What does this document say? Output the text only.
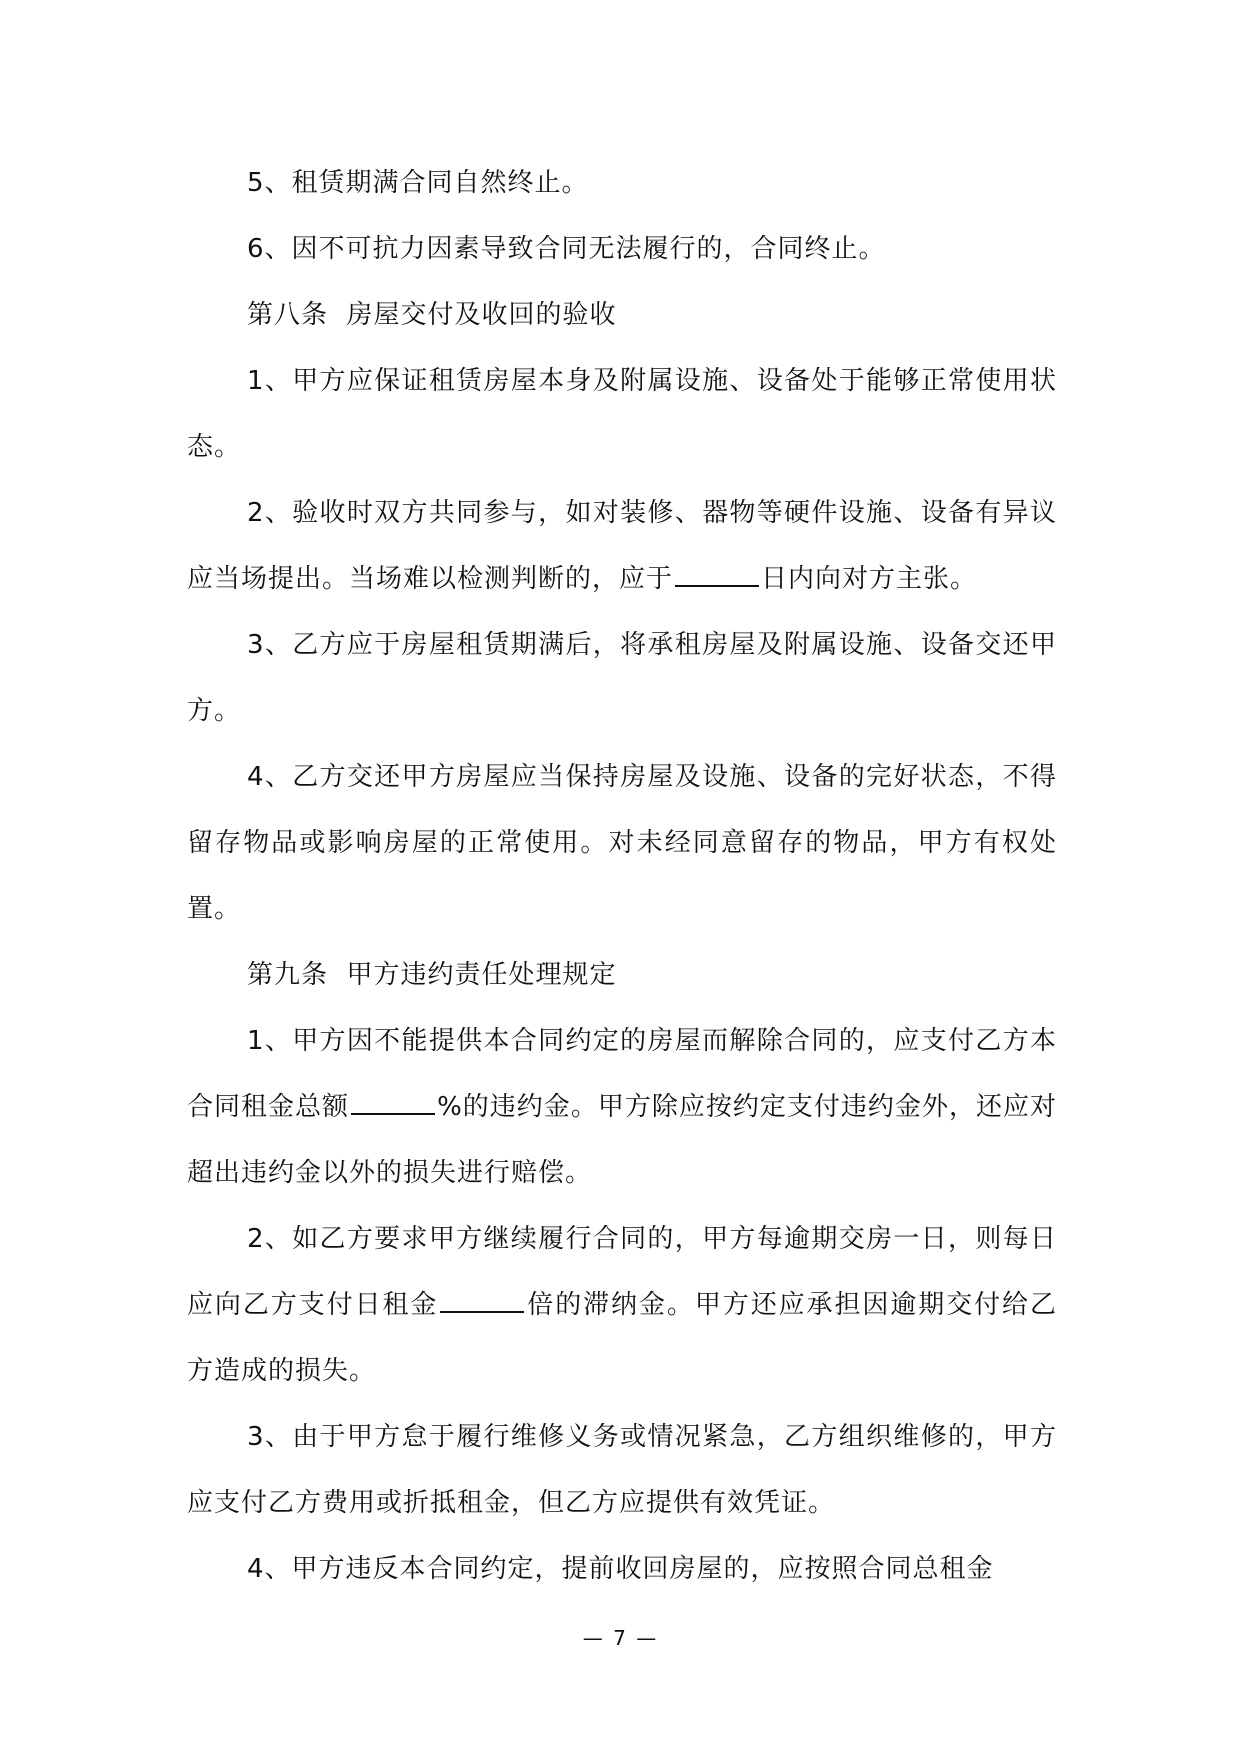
5、租赁期满合同自然终止。

6、因不可抗力因素导致合同无法履行的，合同终止。

第八条  房屋交付及收回的验收

1、甲方应保证租赁房屋本身及附属设施、设备处于能够正常使用状态。

2、验收时双方共同参与，如对装修、器物等硬件设施、设备有异议应当场提出。当场难以检测判断的，应于	日内向对方主张。

3、乙方应于房屋租赁期满后，将承租房屋及附属设施、设备交还甲方。

4、乙方交还甲方房屋应当保持房屋及设施、设备的完好状态，不得留存物品或影响房屋的正常使用。对未经同意留存的物品，甲方有权处置。

第九条  甲方违约责任处理规定

1、甲方因不能提供本合同约定的房屋而解除合同的，应支付乙方本合同租金总额	%的违约金。甲方除应按约定支付违约金外，还应对超出违约金以外的损失进行赔偿。

2、如乙方要求甲方继续履行合同的，甲方每逾期交房一日，则每日应向乙方支付日租金	倍的滞纳金。甲方还应承担因逾期交付给乙方造成的损失。

3、由于甲方怠于履行维修义务或情况紧急，乙方组织维修的，甲方应支付乙方费用或折抵租金，但乙方应提供有效凭证。

4、甲方违反本合同约定，提前收回房屋的，应按照合同总租金

— 7 —
